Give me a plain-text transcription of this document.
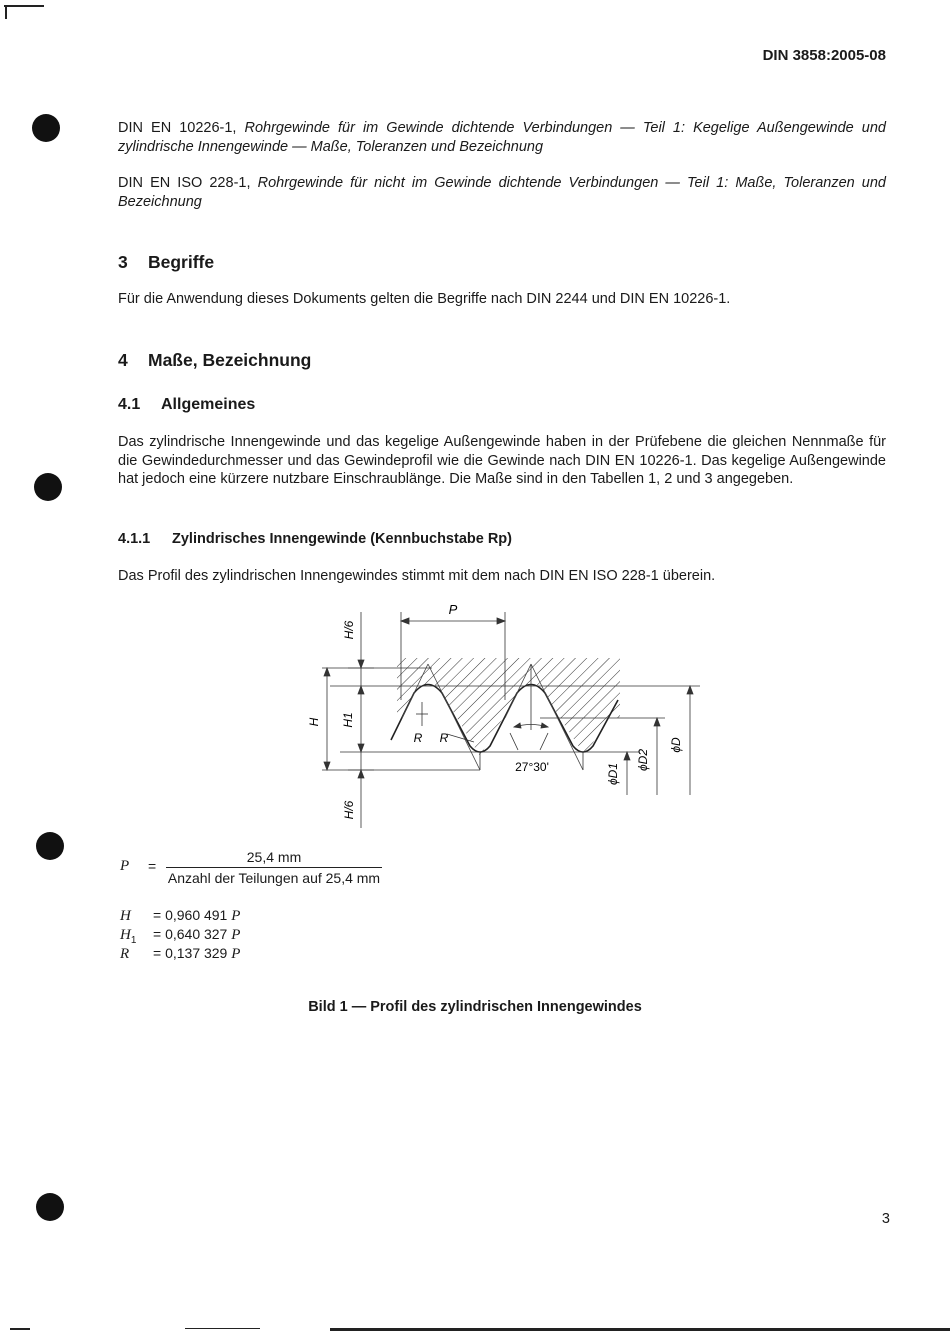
DIN 3858:2005-08
DIN EN 10226-1, Rohrgewinde für im Gewinde dichtende Verbindungen — Teil 1: Kegelige Außengewinde und zylindrische Innengewinde — Maße, Toleranzen und Bezeichnung
DIN EN ISO 228-1, Rohrgewinde für nicht im Gewinde dichtende Verbindungen — Teil 1: Maße, Toleranzen und Bezeichnung
3 Begriffe
Für die Anwendung dieses Dokuments gelten die Begriffe nach DIN 2244 und DIN EN 10226-1.
4 Maße, Bezeichnung
4.1 Allgemeines
Das zylindrische Innengewinde und das kegelige Außengewinde haben in der Prüfebene die gleichen Nennmaße für die Gewindedurchmesser und das Gewindeprofil wie die Gewinde nach DIN EN 10226-1. Das kegelige Außengewinde hat jedoch eine kürzere nutzbare Einschraublänge. Die Maße sind in den Tabellen 1, 2 und 3 angegeben.
4.1.1 Zylindrisches Innengewinde (Kennbuchstabe Rp)
Das Profil des zylindrischen Innengewindes stimmt mit dem nach DIN EN ISO 228-1 überein.
P
H/6
H H1
H/6
R R
27°30'	ϕD1
ϕD2
ϕD
P =
25,4 mm
Anzahl der Teilungen auf 25,4 mm
H = 0,960 491 P
$H_1 = 0,640$ 327 P
R = 0,137 329 P
Bild 1 — Profil des zylindrischen Innengewindes
3
